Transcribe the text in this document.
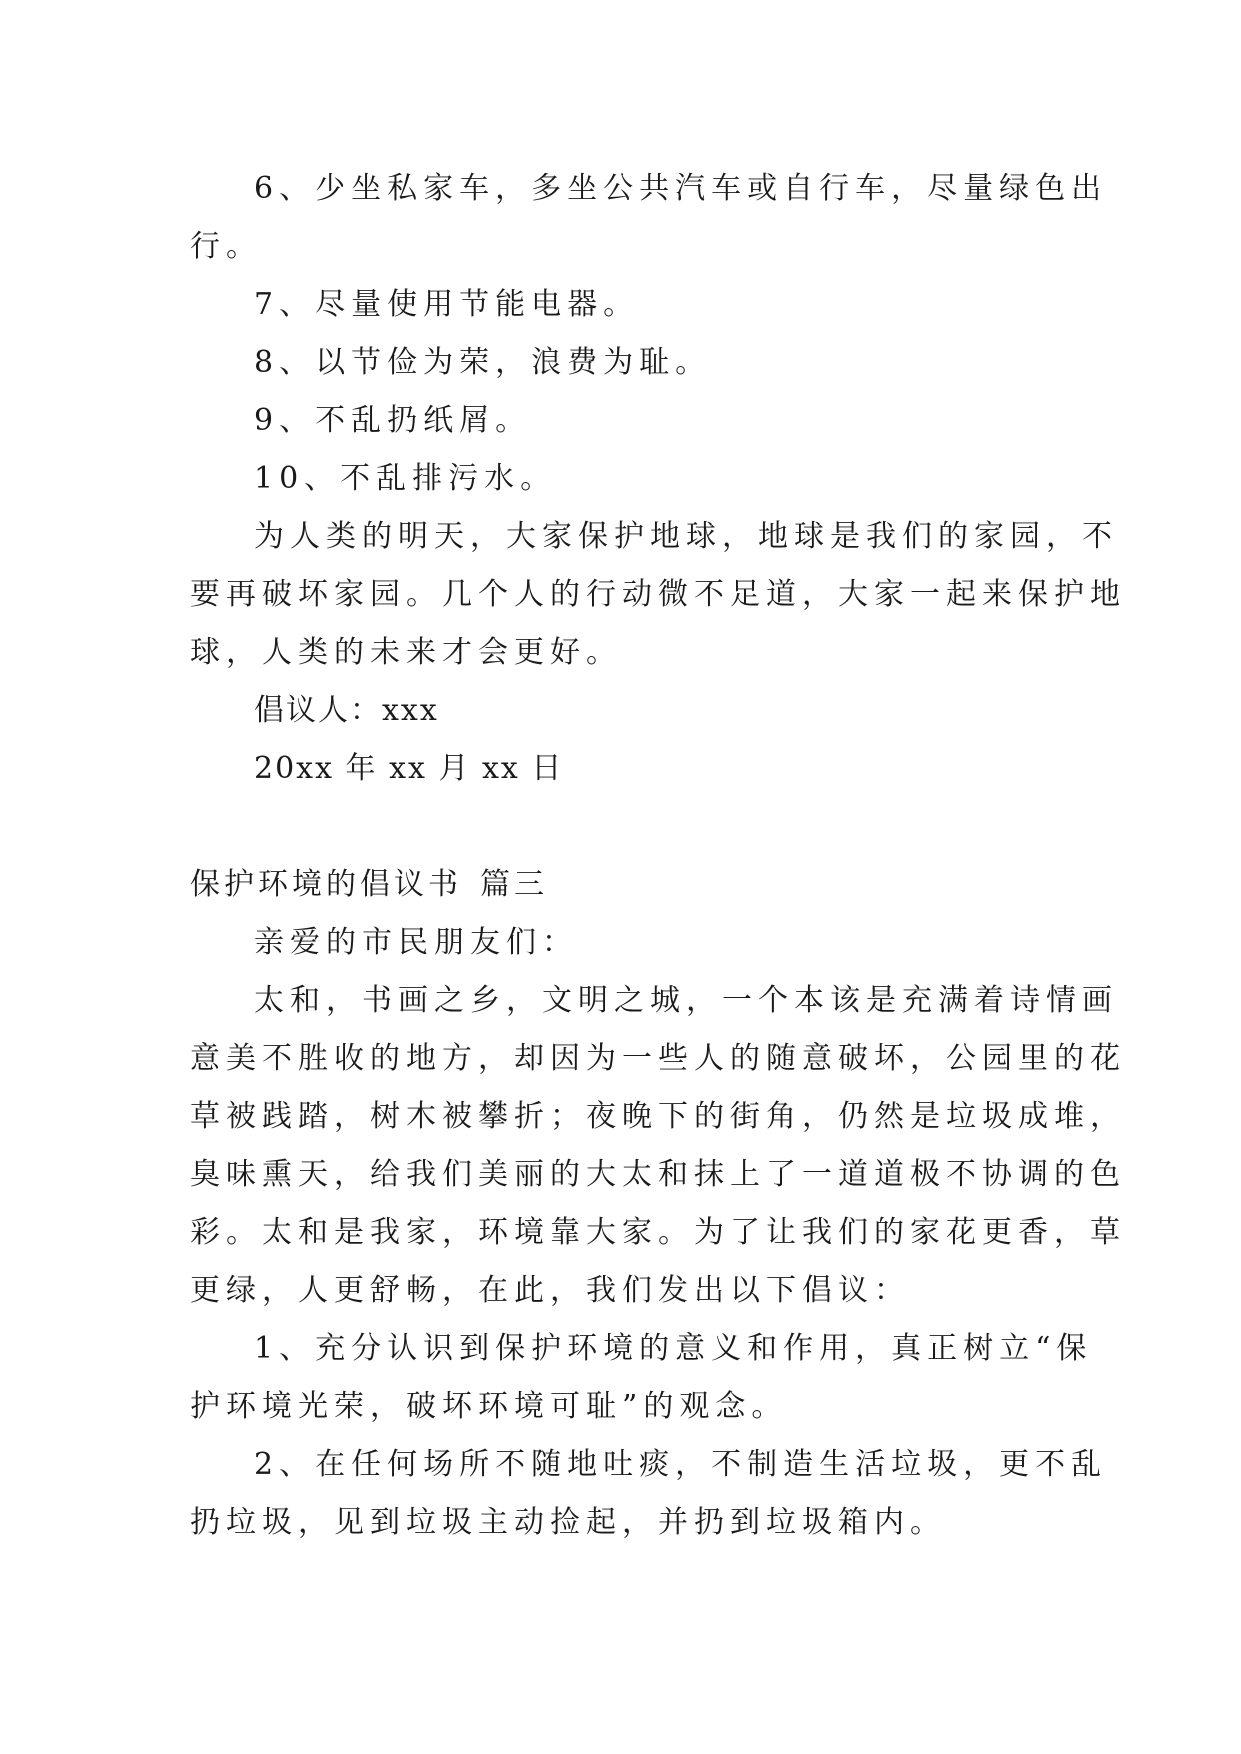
6、少坐私家车，多坐公共汽车或自行车，尽量绿色出

行。

7、尽量使用节能电器。

8、以节俭为荣，浪费为耻。

9、不乱扔纸屑。

10、不乱排污水。

为人类的明天，大家保护地球，地球是我们的家园，不

要再破坏家园。几个人的行动微不足道，大家一起来保护地

球，人类的未来才会更好。

倡议人：xxx

20xx 年 xx 月 xx 日

保护环境的倡议书 篇三

亲爱的市民朋友们：

太和，书画之乡，文明之城，一个本该是充满着诗情画

意美不胜收的地方，却因为一些人的随意破坏，公园里的花

草被践踏，树木被攀折；夜晚下的街角，仍然是垃圾成堆，

臭味熏天，给我们美丽的大太和抹上了一道道极不协调的色

彩。太和是我家，环境靠大家。为了让我们的家花更香，草

更绿，人更舒畅，在此，我们发出以下倡议：

1、充分认识到保护环境的意义和作用，真正树立“保

护环境光荣，破坏环境可耻”的观念。

2、在任何场所不随地吐痰，不制造生活垃圾，更不乱

扔垃圾，见到垃圾主动捡起，并扔到垃圾箱内。
